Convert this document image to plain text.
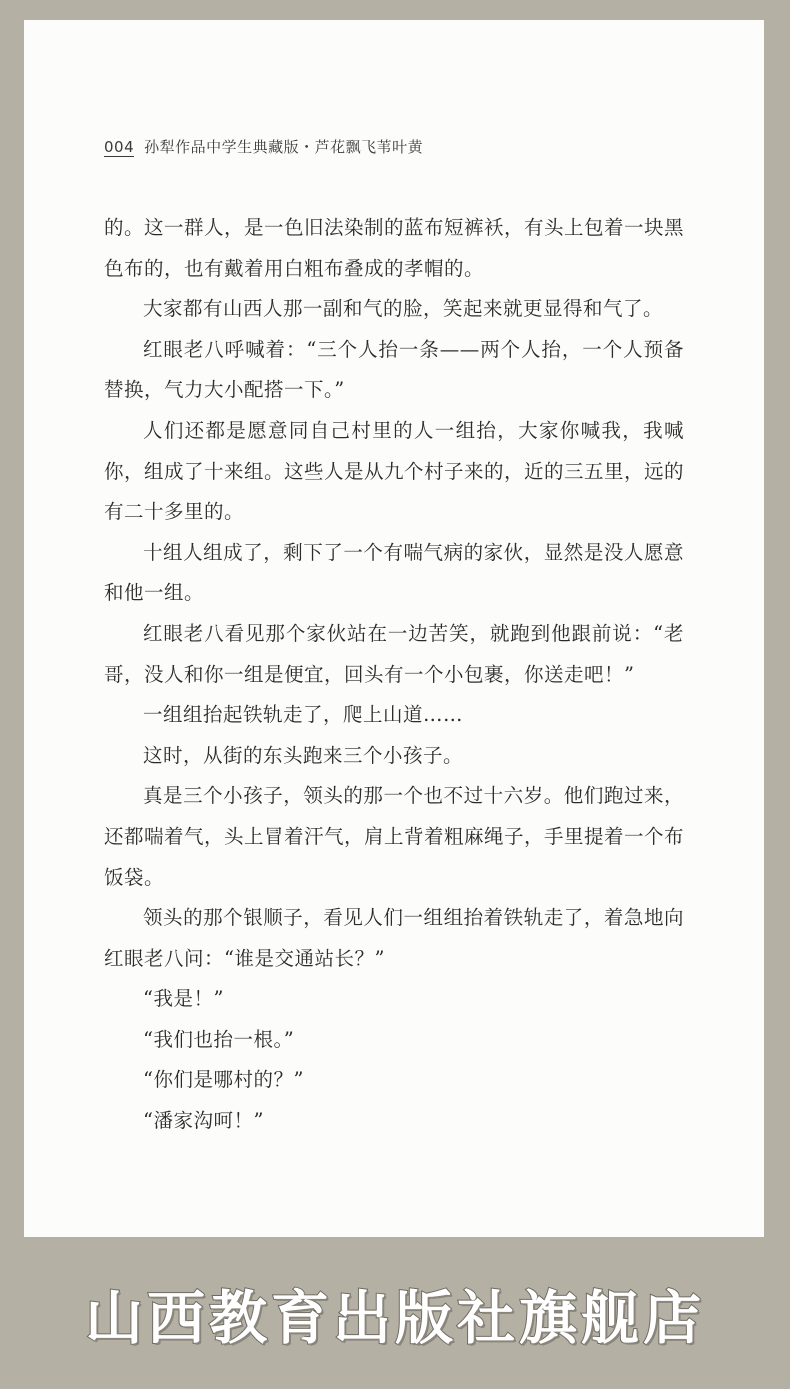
004 孙犁作品中学生典藏版・芦花飘飞苇叶黄

的。这一群人，是一色旧法染制的蓝布短裤袄，有头上包着一块黑色布的，也有戴着用白粗布叠成的孝帽的。

大家都有山西人那一副和气的脸，笑起来就更显得和气了。

红眼老八呼喊着：“三个人抬一条——两个人抬，一个人预备替换，气力大小配搭一下。”

人们还都是愿意同自己村里的人一组抬，大家你喊我，我喊你，组成了十来组。这些人是从九个村子来的，近的三五里，远的有二十多里的。

十组人组成了，剩下了一个有喘气病的家伙，显然是没人愿意和他一组。

红眼老八看见那个家伙站在一边苦笑，就跑到他跟前说：“老哥，没人和你一组是便宜，回头有一个小包裹，你送走吧！”

一组组抬起铁轨走了，爬上山道……

这时，从街的东头跑来三个小孩子。

真是三个小孩子，领头的那一个也不过十六岁。他们跑过来，还都喘着气，头上冒着汗气，肩上背着粗麻绳子，手里提着一个布饭袋。

领头的那个银顺子，看见人们一组组抬着铁轨走了，着急地向红眼老八问：“谁是交通站长？”

“我是！”

“我们也抬一根。”

“你们是哪村的？”

“潘家沟呵！”

山西教育出版社旗舰店
